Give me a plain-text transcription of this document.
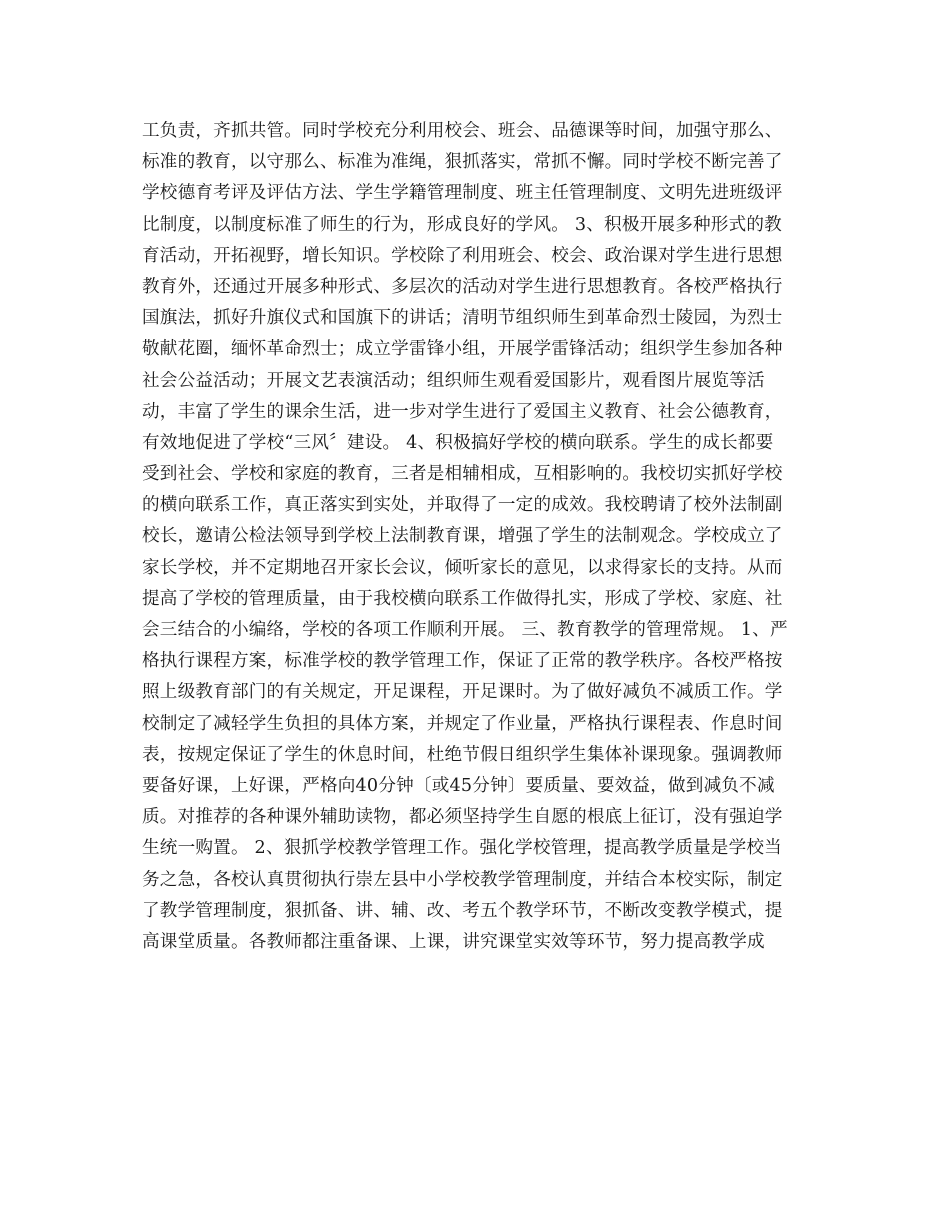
工负责，齐抓共管。同时学校充分利用校会、班会、品德课等时间，加强守那么、
标准的教育，以守那么、标准为准绳，狠抓落实，常抓不懈。同时学校不断完善了
学校德育考评及评估方法、学生学籍管理制度、班主任管理制度、文明先进班级评
比制度，以制度标准了师生的行为，形成良好的学风。 3、积极开展多种形式的教
育活动，开拓视野，增长知识。学校除了利用班会、校会、政治课对学生进行思想
教育外，还通过开展多种形式、多层次的活动对学生进行思想教育。各校严格执行
国旗法，抓好升旗仪式和国旗下的讲话；清明节组织师生到革命烈士陵园，为烈士
敬献花圈，缅怀革命烈士；成立学雷锋小组，开展学雷锋活动；组织学生参加各种
社会公益活动；开展文艺表演活动；组织师生观看爱国影片，观看图片展览等活
动，丰富了学生的课余生活，进一步对学生进行了爱国主义教育、社会公德教育，
有效地促进了学校“三风〞建设。 4、积极搞好学校的横向联系。学生的成长都要
受到社会、学校和家庭的教育，三者是相辅相成，互相影响的。我校切实抓好学校
的横向联系工作，真正落实到实处，并取得了一定的成效。我校聘请了校外法制副
校长，邀请公检法领导到学校上法制教育课，增强了学生的法制观念。学校成立了
家长学校，并不定期地召开家长会议，倾听家长的意见，以求得家长的支持。从而
提高了学校的管理质量，由于我校横向联系工作做得扎实，形成了学校、家庭、社
会三结合的小编络，学校的各项工作顺利开展。 三、教育教学的管理常规。 1、严
格执行课程方案，标准学校的教学管理工作，保证了正常的教学秩序。各校严格按
照上级教育部门的有关规定，开足课程，开足课时。为了做好减负不减质工作。学
校制定了减轻学生负担的具体方案，并规定了作业量，严格执行课程表、作息时间
表，按规定保证了学生的休息时间，杜绝节假日组织学生集体补课现象。强调教师
要备好课，上好课，严格向40分钟〔或45分钟〕要质量、要效益，做到减负不减
质。对推荐的各种课外辅助读物，都必须坚持学生自愿的根底上征订，没有强迫学
生统一购置。 2、狠抓学校教学管理工作。强化学校管理，提高教学质量是学校当
务之急，各校认真贯彻执行崇左县中小学校教学管理制度，并结合本校实际，制定
了教学管理制度，狠抓备、讲、辅、改、考五个教学环节，不断改变教学模式，提
高课堂质量。各教师都注重备课、上课，讲究课堂实效等环节，努力提高教学成
